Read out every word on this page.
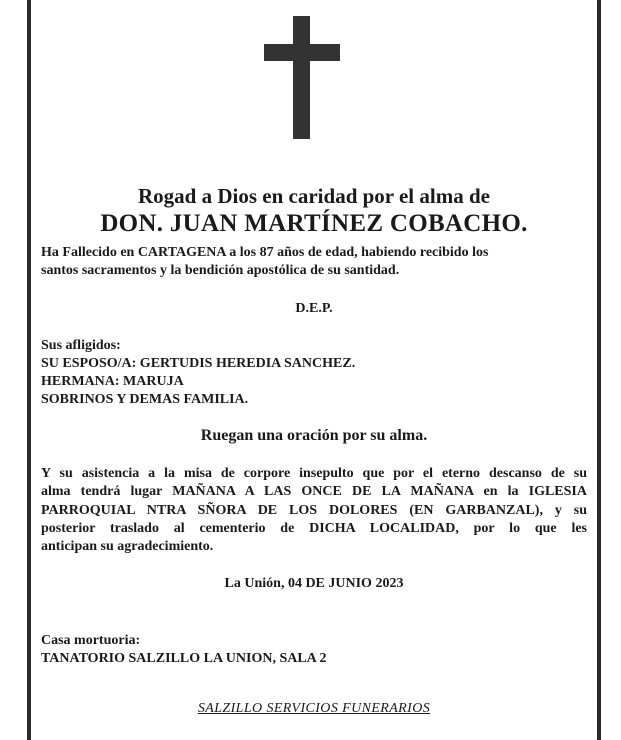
Rogad a Dios en caridad por el alma de
DON. JUAN MARTÍNEZ COBACHO.
Ha Fallecido en CARTAGENA a los 87 años de edad, habiendo recibido los
santos sacramentos y la bendición apostólica de su santidad.
D.E.P.
Sus afligidos:
SU ESPOSO/A: GERTUDIS HEREDIA SANCHEZ.
HERMANA: MARUJA
SOBRINOS Y DEMAS FAMILIA.
Ruegan una oración por su alma.
Y su asistencia a la misa de corpore insepulto que por el eterno descanso de su
alma tendrá lugar MAÑANA A LAS ONCE DE LA MAÑANA en la IGLESIA
PARROQUIAL NTRA SÑORA DE LOS DOLORES (EN GARBANZAL), y su
posterior traslado al cementerio de DICHA LOCALIDAD, por lo que les
anticipan su agradecimiento.
La Unión, 04 DE JUNIO 2023
Casa mortuoria:
TANATORIO SALZILLO LA UNION, SALA 2
SALZILLO SERVICIOS FUNERARIOS
